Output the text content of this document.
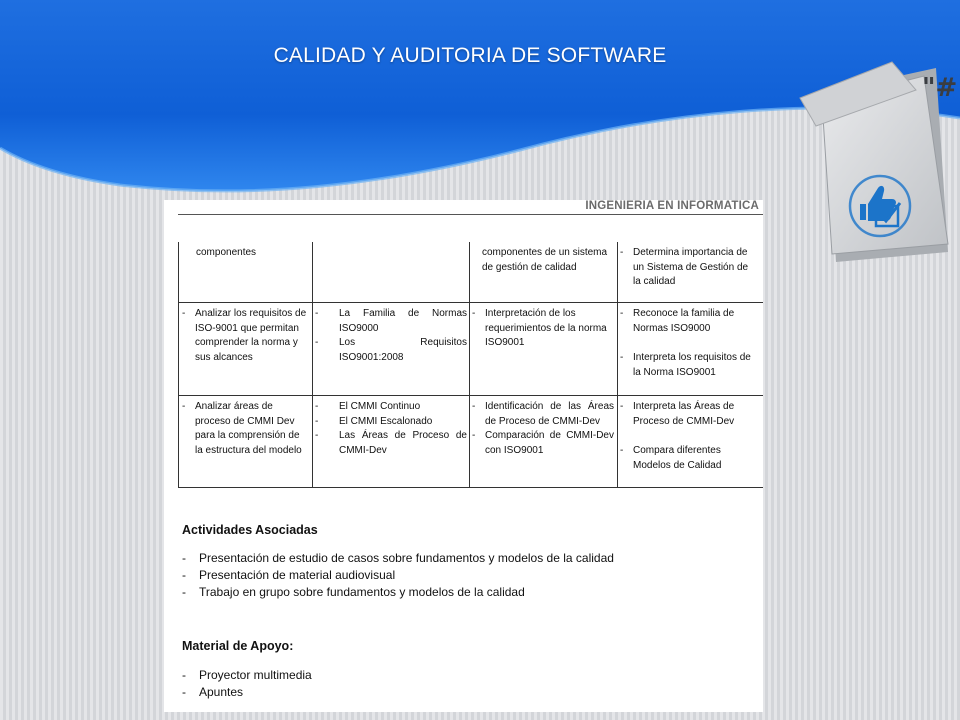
CALIDAD Y AUDITORIA DE SOFTWARE
"#
INGENIERIA EN INFORMATICA
componentes	componentes de un sistema de gestión de calidad
- Determina importancia de un Sistema de Gestión de la calidad
- Analizar los requisitos de ISO-9001 que permitan comprender la norma y sus alcances
- La Familia de Normas ISO9000
- Los Requisitos ISO9001:2008
- Interpretación de los requerimientos de la norma ISO9001
- Reconoce la familia de Normas ISO9000
- Interpreta los requisitos de la Norma ISO9001
- Analizar áreas de proceso de CMMI Dev para la comprensión de la estructura del modelo
- El CMMI Continuo
- El CMMI Escalonado
- Las Áreas de Proceso de CMMI-Dev
- Identificación de las Áreas de Proceso de CMMI-Dev
- Comparación de CMMI-Dev con ISO9001
- Interpreta las Áreas de Proceso de CMMI-Dev
- Compara diferentes Modelos de Calidad
Actividades Asociadas
- Presentación de estudio de casos sobre fundamentos y modelos de la calidad
- Presentación de material audiovisual
- Trabajo en grupo sobre fundamentos y modelos de la calidad
Material de Apoyo:
- Proyector multimedia
- Apuntes
